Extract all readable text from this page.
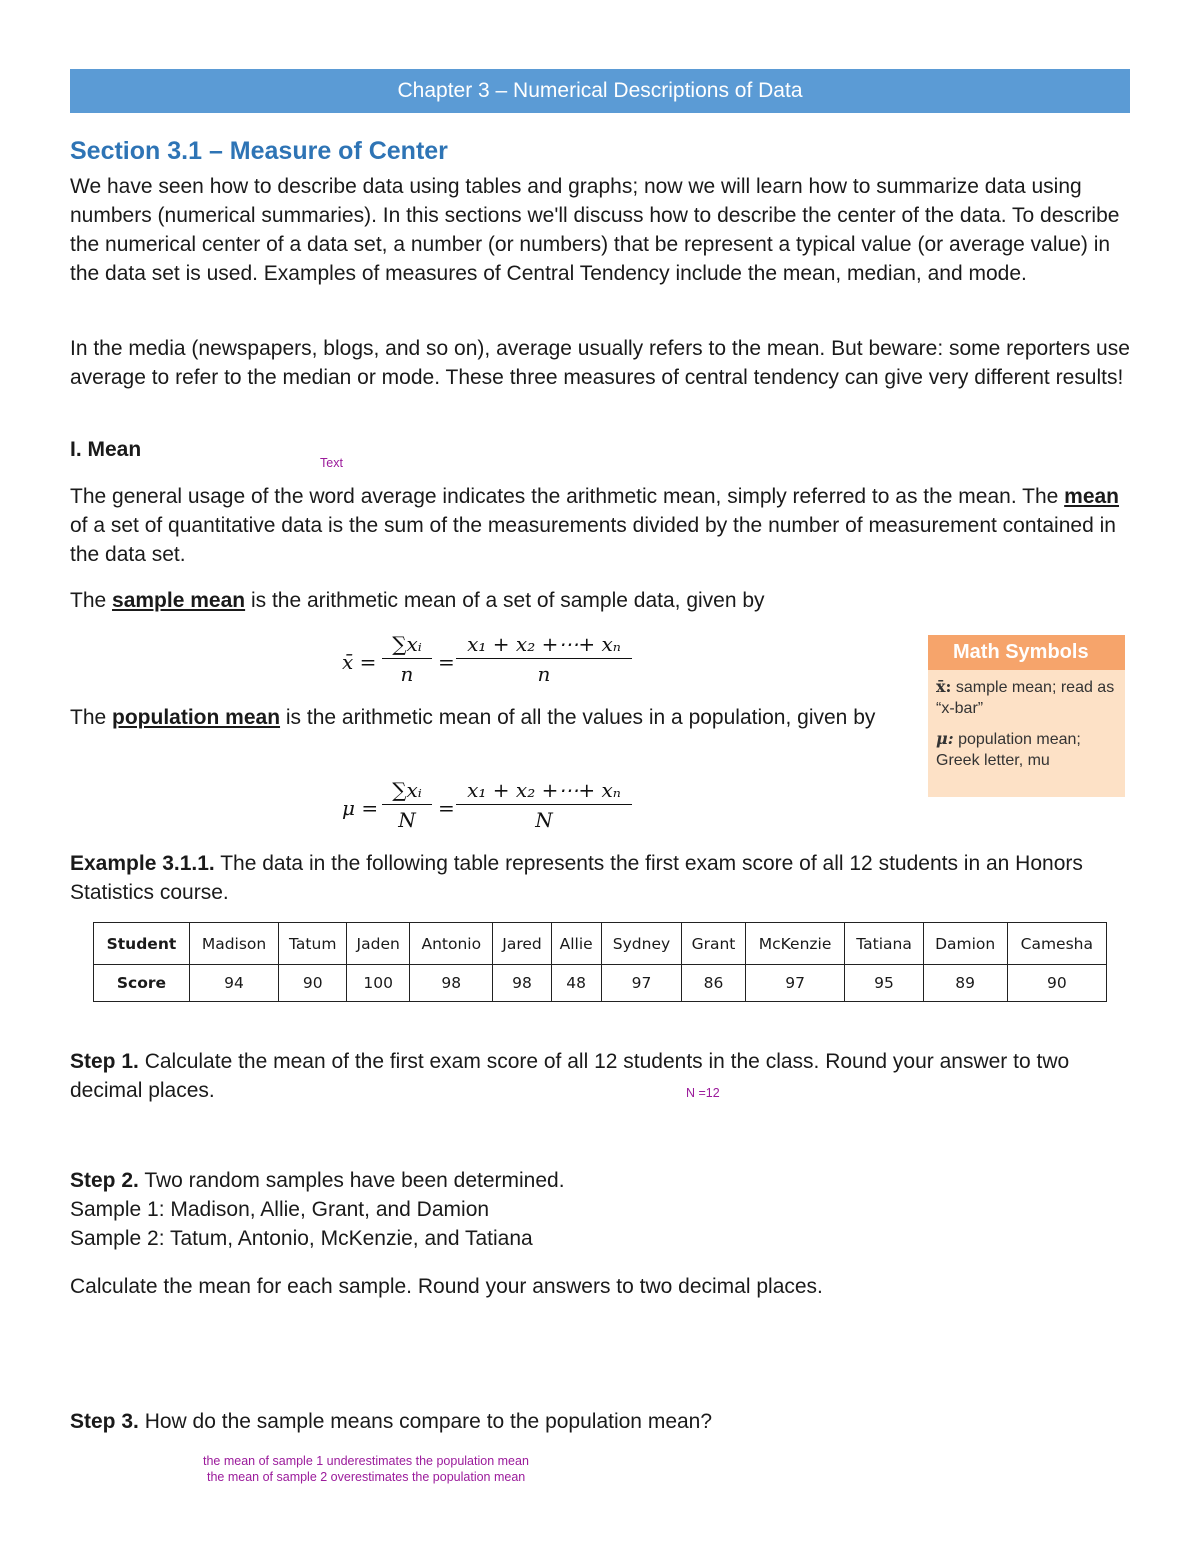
Chapter 3 – Numerical Descriptions of Data
Section 3.1 – Measure of Center

We have seen how to describe data using tables and graphs; now we will learn how to summarize data using numbers (numerical summaries). In this sections we'll discuss how to describe the center of the data. To describe the numerical center of a data set, a number (or numbers) that be represent a typical value (or average value) in the data set is used. Examples of measures of Central Tendency include the mean, median, and mode.

In the media (newspapers, blogs, and so on), average usually refers to the mean. But beware: some reporters use average to refer to the median or mode. These three measures of central tendency can give very different results!

I. Mean
Text

The general usage of the word average indicates the arithmetic mean, simply referred to as the mean. The mean of a set of quantitative data is the sum of the measurements divided by the number of measurement contained in the data set.

The sample mean is the arithmetic mean of a set of sample data, given by

x̄ = $\frac{\text{∑xᵢ}}{n} = \frac{\text{x₁ + x₂ +⋯+ xₙ}}{n}$

The population mean is the arithmetic mean of all the values in a population, given by

$\mu = \frac{\text{∑xᵢ}}{N} = \frac{\text{x₁ + x₂ +⋯+ xₙ}}{N}$
Math Symbols

x̄: sample mean; read as “x-bar”

μ: population mean; Greek letter, mu

Example 3.1.1. The data in the following table represents the first exam score of all 12 students in an Honors Statistics course.

Student	Madison	Tatum	Jaden	Antonio	Jared	Allie	Sydney	Grant	McKenzie	Tatiana	Damion	Camesha
Score	94	90	100	98	98	48	97	86	97	95	89	90

Step 1. Calculate the mean of the first exam score of all 12 students in the class. Round your answer to two decimal places.	N =12

Step 2. Two random samples have been determined.

Sample 1: Madison, Allie, Grant, and Damion

Sample 2: Tatum, Antonio, McKenzie, and Tatiana

Calculate the mean for each sample. Round your answers to two decimal places.

Step 3. How do the sample means compare to the population mean?

the mean of sample 1 underestimates the population mean
the mean of sample 2 overestimates the population mean
